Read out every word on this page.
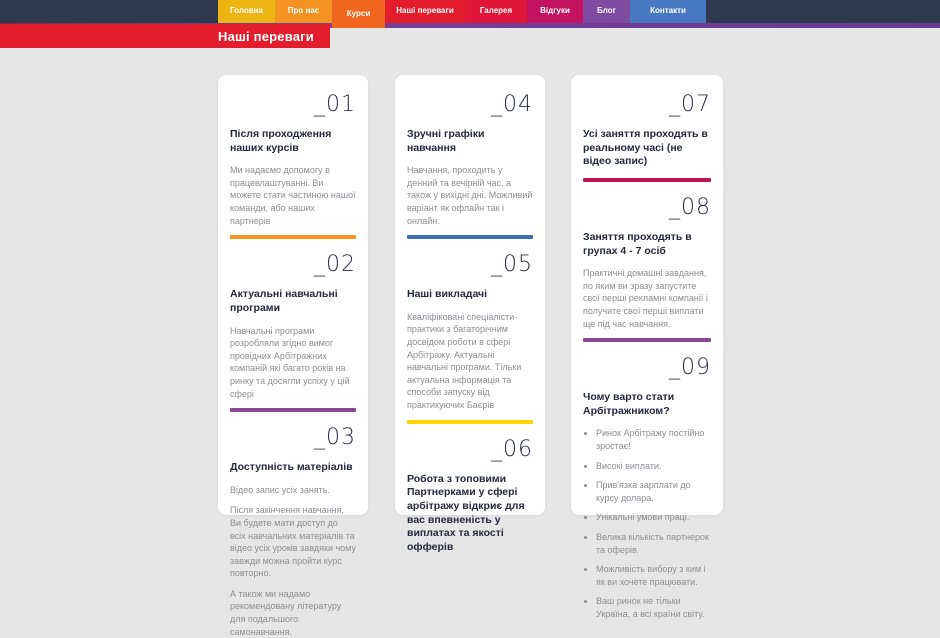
Головна	Про нас	Курси	Наші переваги	Галерея	Відгуки	Блог	Контакти
Наші переваги
_01
Після проходження наших курсів

Ми надаємо допомогу в працевлаштуванні. Ви можете стати частиною нашої команди, або наших партнерів

_02
Актуальні навчальні програми

Навчальні програми розробляли згідно вимог провідних Арбітражних компаній які багато років на ринку та досягли успіху у цій сфері

_03
Доступність матеріалів

Відео запис усіх занять.

Після закінчення навчання, Ви будете мати доступ до всіх навчальних матеріалів та відео усіх уроків завдяки чому завжди можна пройти курс повторно.

А також ми надамо рекомендовану літературу для подальшого самонавчання.

_04
Зручні графіки навчання

Навчання, проходить у денний та вечірній час, а також у вихідні дні. Можливий варіант як офлайн так і онлайн.

_05
Наші викладачі

Кваліфіковані спеціалісти-практики з багаторічним досвідом роботи в сфері Арбітражу. Актуальні навчальні програми. Тільки актуальна інформація та способи запуску від практикуючих Баєрів

_06
Робота з топовими Партнерками у сфері арбітражу відкриє для вас впевненість у виплатах та якості офферів
_07
Усі заняття проходять в реальному часі (не відео запис)
_08
Заняття проходять в групах 4 - 7 осіб

Практичні домашні завдання, по яким ви зразу запустите свої перші рекламні компанії і получите свої перші виплати ще під час навчання.

_09
Чому варто стати Арбітражником?
• Ринок Арбітражу постійно зростає!
• Високі виплати.
• Прив'язка зарплати до курсу долара.
• Унікальні умови праці.
• Велика кількість партнерок та оферів.
• Можливість вибору з ким і як ви хочете працювати.
• Ваш ринок не тільки Україна, а всі країни світу.
